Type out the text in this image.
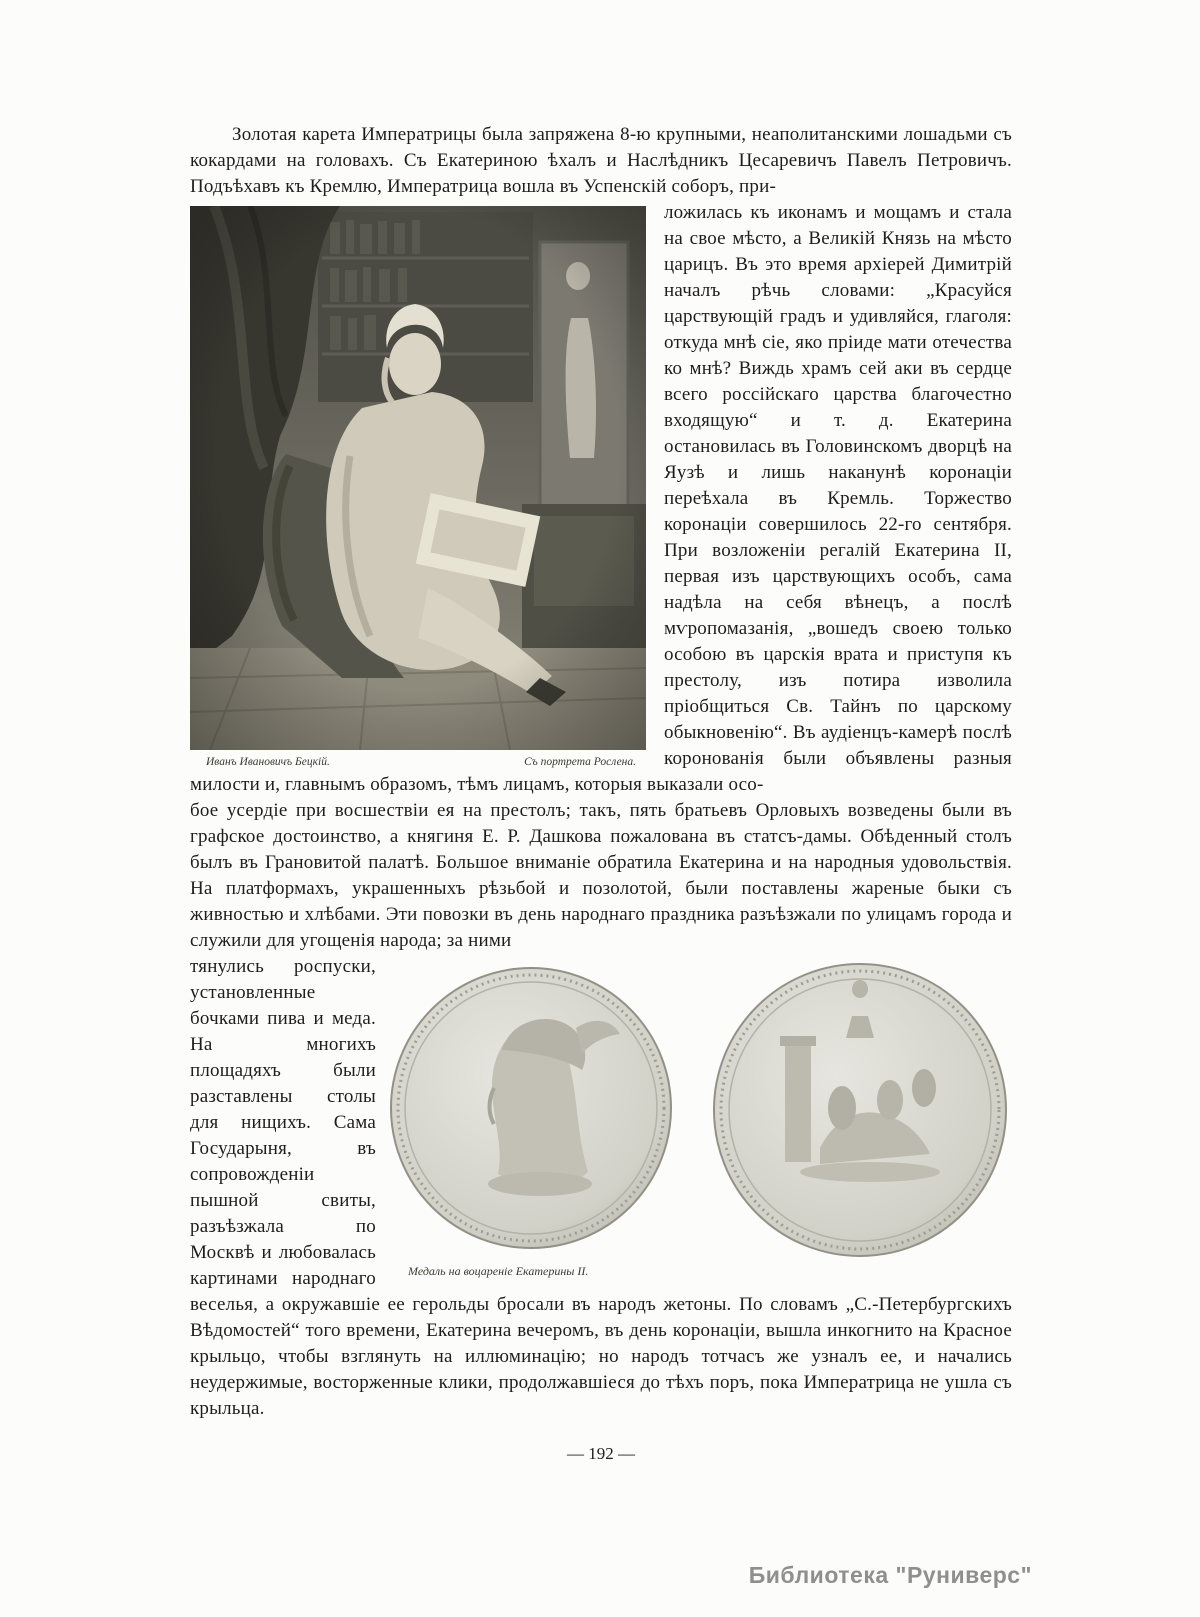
Золотая карета Императрицы была запряжена 8-ю крупными, неаполитанскими лошадьми съ кокардами на головахъ. Съ Екатериною ѣхалъ и Наслѣдникъ Цесаревичъ Павелъ Петровичъ. Подъѣхавъ къ Кремлю, Императрица вошла въ Успенскій соборъ, при-

Иванъ Ивановичъ Бецкій.	Съ портрета Рослена.

ложилась къ иконамъ и мощамъ и стала на свое мѣсто, а Великій Князь на мѣсто царицъ. Въ это время архіерей Димитрій началъ рѣчь словами: „Красуйся царствующій градъ и удивляйся, глаголя: откуда мнѣ сіе, яко пріиде мати отечества ко мнѣ? Виждь храмъ сей аки въ сердце всего россійскаго царства благочестно входящую“ и т. д. Екатерина остановилась въ Головинскомъ дворцѣ на Яузѣ и лишь наканунѣ коронаціи переѣхала въ Кремль. Торжество коронаціи совершилось 22-го сентября. При возложеніи регалій Екатерина II, первая изъ царствующихъ особъ, сама надѣла на себя вѣнецъ, а послѣ мѵропомазанія, „вошедъ своею только особою въ царскія врата и приступя къ престолу, изъ потира изволила пріобщиться Св. Тайнъ по царскому обыкновенію“. Въ аудіенцъ-камерѣ послѣ коронованія были объявлены разныя милости и, главнымъ образомъ, тѣмъ лицамъ, которыя выказали осо-

бое усердіе при восшествіи ея на престолъ; такъ, пять братьевъ Орловыхъ возведены были въ графское достоинство, а княгиня Е. Р. Дашкова пожалована въ статсъ-дамы. Обѣденный столъ былъ въ Грановитой палатѣ. Большое вниманіе обратила Екатерина и на народныя удовольствія. На платформахъ, украшенныхъ рѣзьбой и позолотой, были поставлены жареные быки съ живностью и хлѣбами. Эти повозки въ день народнаго праздника разъѣзжали по улицамъ города и служили для угощенія народа; за ними

Медаль на воцареніе Екатерины II.

тянулись роспуски, установленные бочками пива и меда. На многихъ площадяхъ были разставлены столы для нищихъ. Сама Государыня, въ сопровожденіи пышной свиты, разъѣзжала по Москвѣ и любовалась картинами народнаго веселья, а окружавшіе ее герольды бросали въ народъ жетоны. По словамъ „С.-Петербургскихъ Вѣдомостей“ того времени, Екатерина вечеромъ, въ день коронаціи, вышла инкогнито на Красное крыльцо, чтобы взглянуть на иллюминацію; но народъ тотчасъ же узналъ ее, и начались неудержимые, восторженные клики, продолжавшіеся до тѣхъ поръ, пока Императрица не ушла съ крыльца.

— 192 —
Библиотека "Руниверс"
